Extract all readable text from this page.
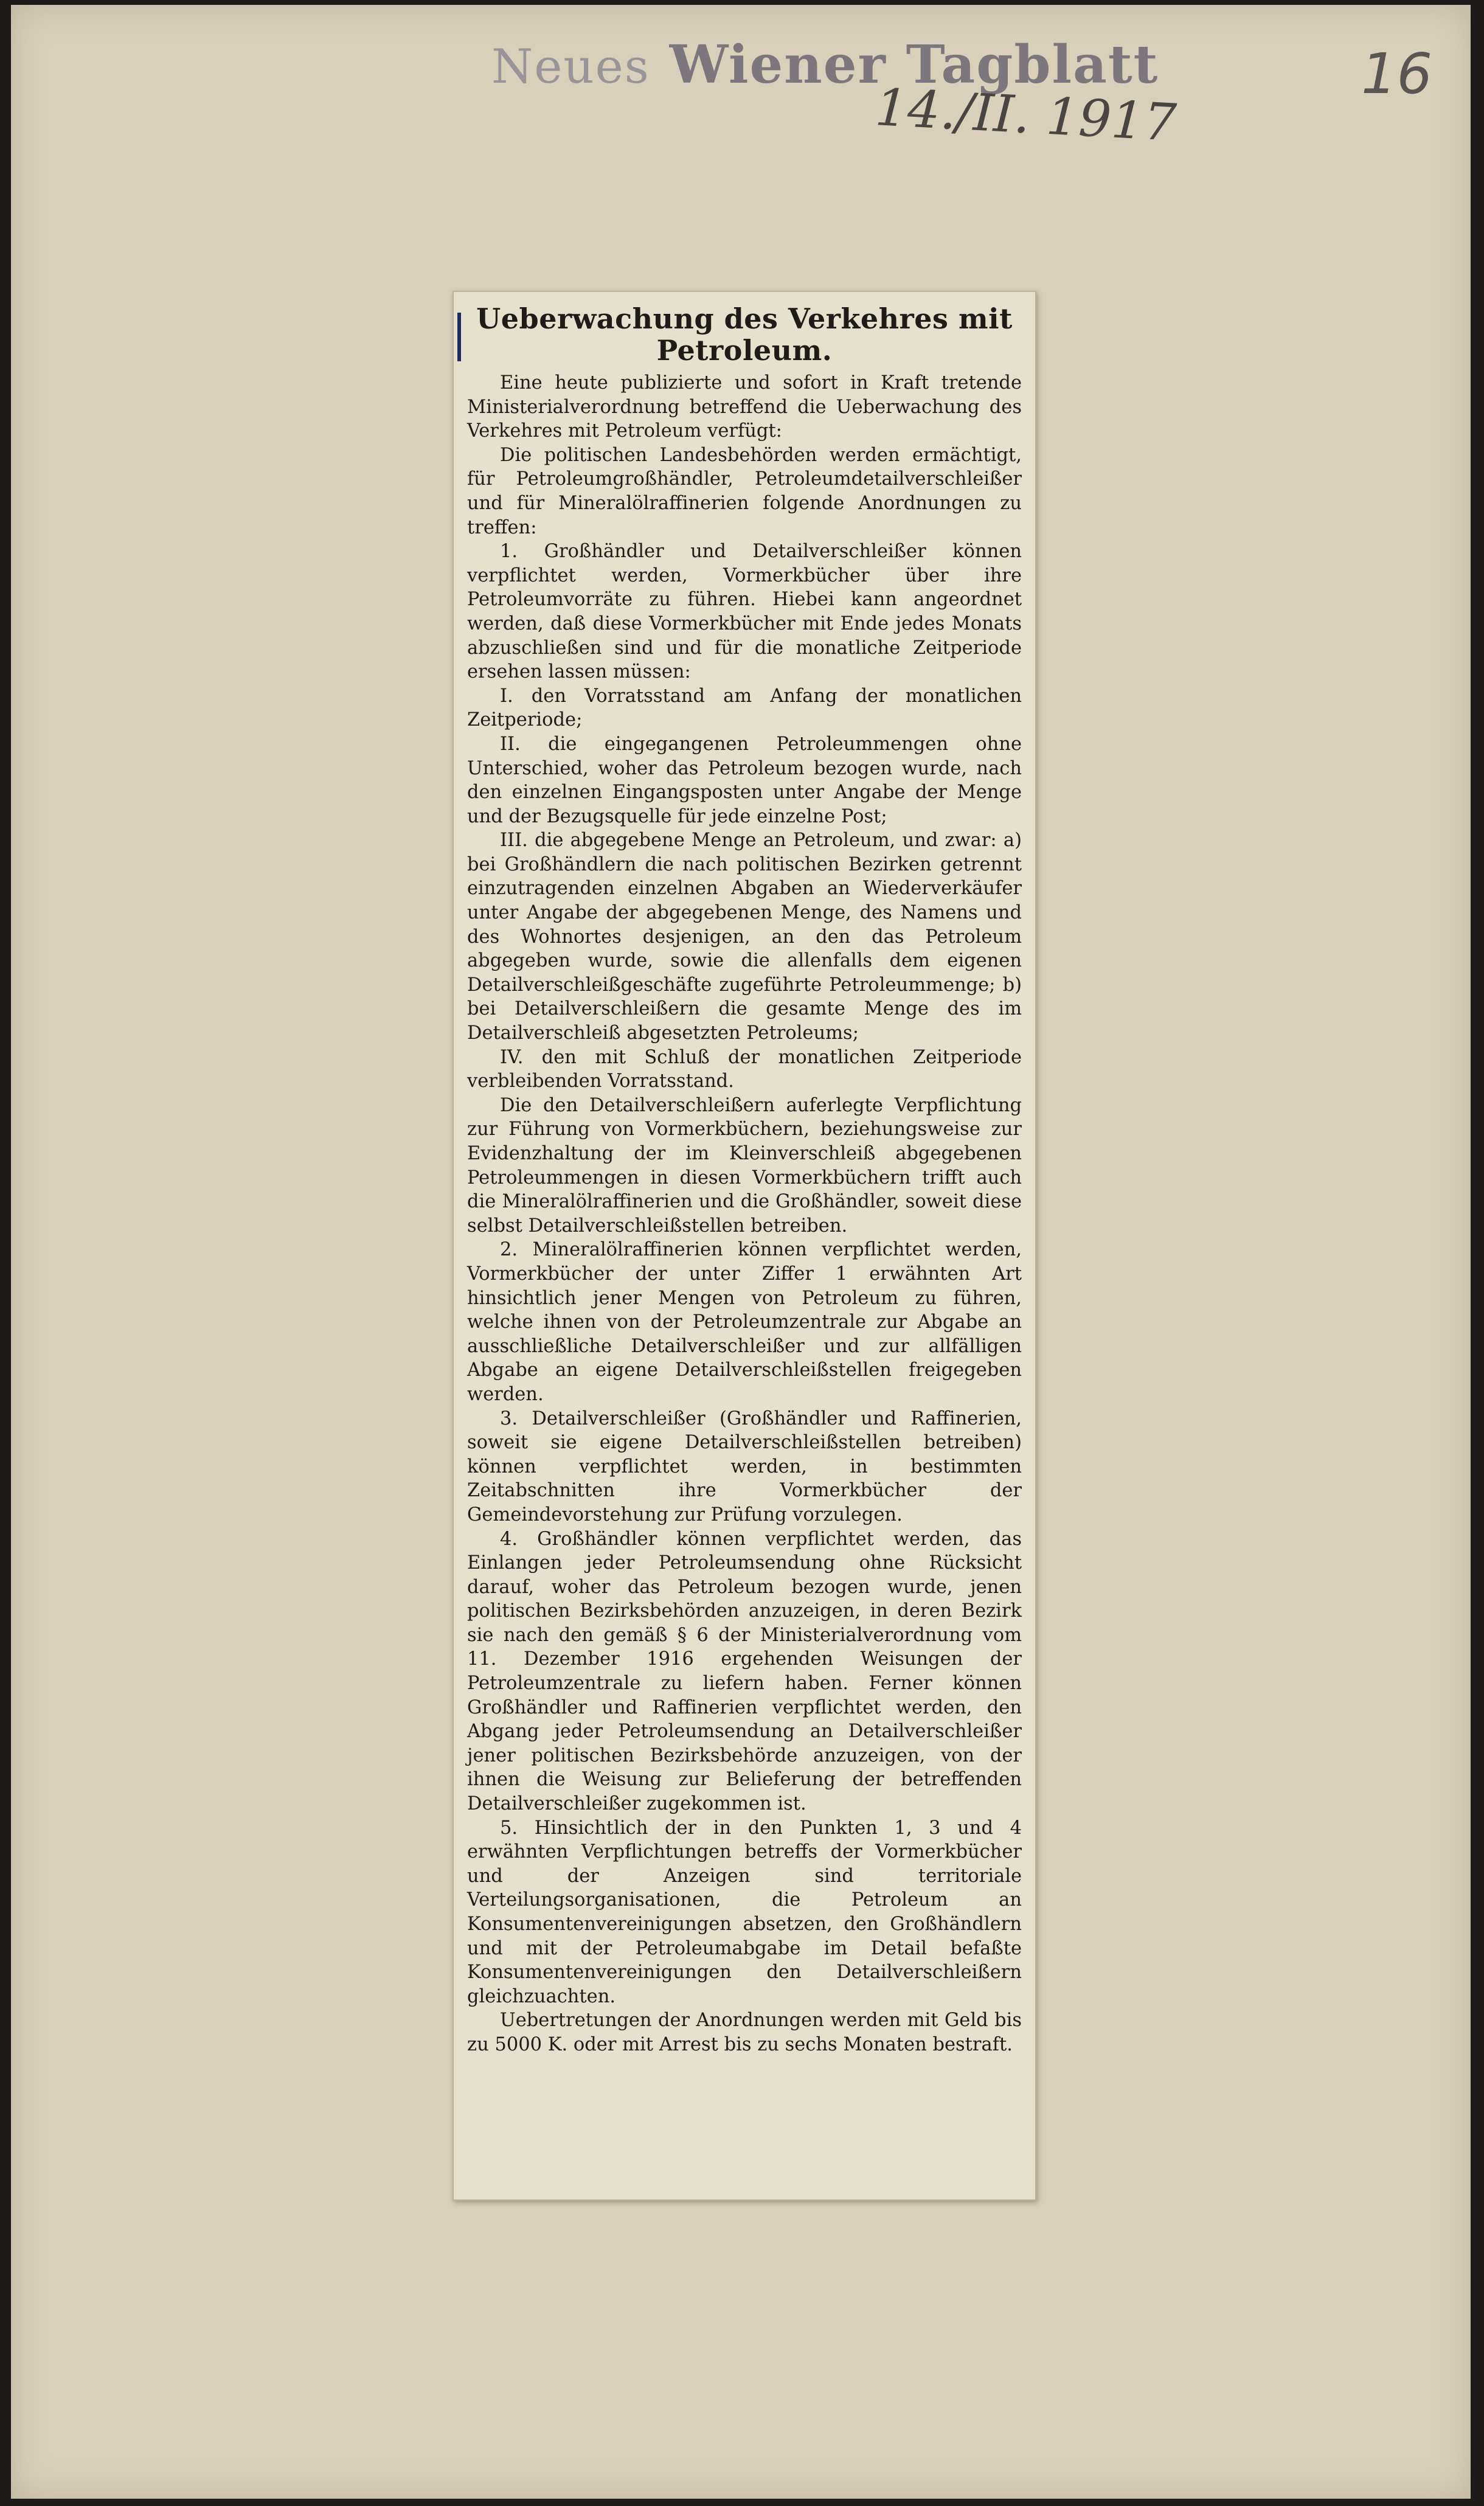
Neues Wiener Tagblatt
14./II. 1917
16
Ueberwachung des Verkehres mit Petroleum.

Eine heute publizierte und sofort in Kraft tretende Ministerialverordnung betreffend die Ueberwachung des Verkehres mit Petroleum verfügt:

Die politischen Landesbehörden werden ermächtigt, für Petroleumgroßhändler, Petroleumdetailverschleißer und für Mineralölraffinerien folgende Anordnungen zu treffen:

1. Großhändler und Detailverschleißer können verpflichtet werden, Vormerkbücher über ihre Petroleumvorräte zu führen. Hiebei kann angeordnet werden, daß diese Vormerkbücher mit Ende jedes Monats abzuschließen sind und für die monatliche Zeitperiode ersehen lassen müssen:

I. den Vorratsstand am Anfang der monatlichen Zeitperiode;

II. die eingegangenen Petroleummengen ohne Unterschied, woher das Petroleum bezogen wurde, nach den einzelnen Eingangsposten unter Angabe der Menge und der Bezugsquelle für jede einzelne Post;

III. die abgegebene Menge an Petroleum, und zwar: a) bei Großhändlern die nach politischen Bezirken getrennt einzutragenden einzelnen Abgaben an Wiederverkäufer unter Angabe der abgegebenen Menge, des Namens und des Wohnortes desjenigen, an den das Petroleum abgegeben wurde, sowie die allenfalls dem eigenen Detailverschleißgeschäfte zugeführte Petroleummenge; b) bei Detailverschleißern die gesamte Menge des im Detailverschleiß abgesetzten Petroleums;

IV. den mit Schluß der monatlichen Zeitperiode verbleibenden Vorratsstand.

Die den Detailverschleißern auferlegte Verpflichtung zur Führung von Vormerkbüchern, beziehungsweise zur Evidenzhaltung der im Kleinverschleiß abgegebenen Petroleummengen in diesen Vormerkbüchern trifft auch die Mineralölraffinerien und die Großhändler, soweit diese selbst Detailverschleißstellen betreiben.

2. Mineralölraffinerien können verpflichtet werden, Vormerkbücher der unter Ziffer 1 erwähnten Art hinsichtlich jener Mengen von Petroleum zu führen, welche ihnen von der Petroleumzentrale zur Abgabe an ausschließliche Detailverschleißer und zur allfälligen Abgabe an eigene Detailverschleißstellen freigegeben werden.

3. Detailverschleißer (Großhändler und Raffinerien, soweit sie eigene Detailverschleißstellen betreiben) können verpflichtet werden, in bestimmten Zeitabschnitten ihre Vormerkbücher der Gemeindevorstehung zur Prüfung vorzulegen.

4. Großhändler können verpflichtet werden, das Einlangen jeder Petroleumsendung ohne Rücksicht darauf, woher das Petroleum bezogen wurde, jenen politischen Bezirksbehörden anzuzeigen, in deren Bezirk sie nach den gemäß § 6 der Ministerialverordnung vom 11. Dezember 1916 ergehenden Weisungen der Petroleumzentrale zu liefern haben. Ferner können Großhändler und Raffinerien verpflichtet werden, den Abgang jeder Petroleumsendung an Detailverschleißer jener politischen Bezirksbehörde anzuzeigen, von der ihnen die Weisung zur Belieferung der betreffenden Detailverschleißer zugekommen ist.

5. Hinsichtlich der in den Punkten 1, 3 und 4 erwähnten Verpflichtungen betreffs der Vormerkbücher und der Anzeigen sind territoriale Verteilungsorganisationen, die Petroleum an Konsumentenvereinigungen absetzen, den Großhändlern und mit der Petroleumabgabe im Detail befaßte Konsumentenvereinigungen den Detailverschleißern gleichzuachten.

Uebertretungen der Anordnungen werden mit Geld bis zu 5000 K. oder mit Arrest bis zu sechs Monaten bestraft.
